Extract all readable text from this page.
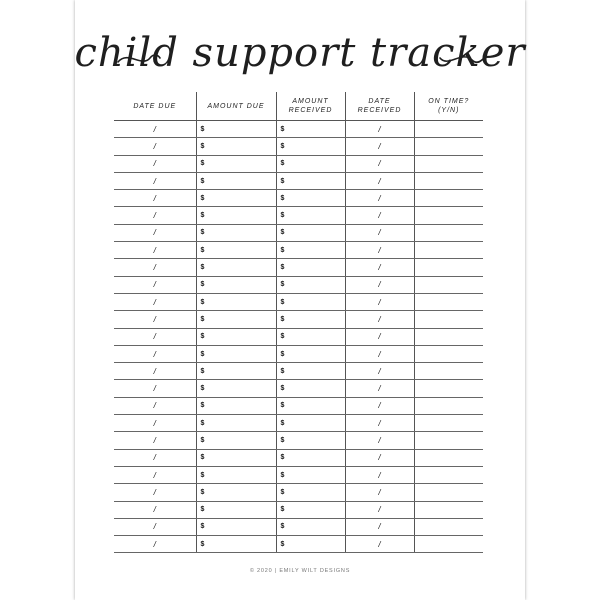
child support tracker
DATE DUE	AMOUNT DUE	AMOUNT RECEIVED	DATE RECEIVED	ON TIME? (Y/N)
/	$	$	/	
/	$	$	/	
/	$	$	/	
/	$	$	/	
/	$	$	/	
/	$	$	/	
/	$	$	/	
/	$	$	/	
/	$	$	/	
/	$	$	/	
/	$	$	/	
/	$	$	/	
/	$	$	/	
/	$	$	/	
/	$	$	/	
/	$	$	/	
/	$	$	/	
/	$	$	/	
/	$	$	/	
/	$	$	/	
/	$	$	/	
/	$	$	/	
/	$	$	/	
/	$	$	/	
/	$	$	/	
© 2020 | EMILY WILT DESIGNS
